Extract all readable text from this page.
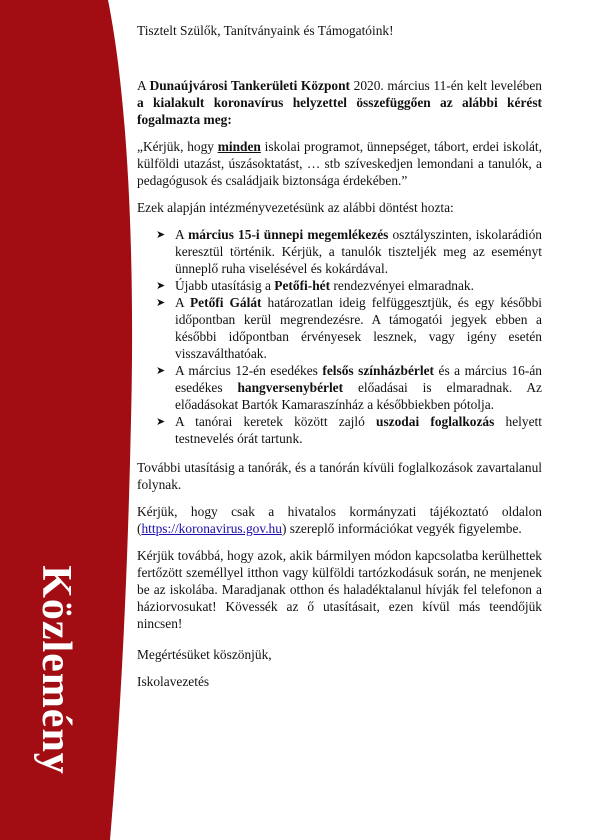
Közlemény
Tisztelt Szülők, Tanítványaink és Támogatóink!

A Dunaújvárosi Tankerületi Központ 2020. március 11-én kelt levelében a kialakult koronavírus helyzettel összefüggően az alábbi kérést fogalmazta meg:

„Kérjük, hogy minden iskolai programot, ünnepséget, tábort, erdei iskolát, külföldi utazást, úszásoktatást, … stb szíveskedjen lemondani a tanulók, a pedagógusok és családjaik biztonsága érdekében.”

Ezek alapján intézményvezetésünk az alábbi döntést hozta:

➤ A március 15-i ünnepi megemlékezés osztályszinten, iskolarádión keresztül történik. Kérjük, a tanulók tiszteljék meg az eseményt ünneplő ruha viselésével és kokárdával.
➤ Újabb utasításig a Petőfi-hét rendezvényei elmaradnak.
➤ A Petőfi Gálát határozatlan ideig felfüggesztjük, és egy későbbi időpontban kerül megrendezésre. A támogatói jegyek ebben a későbbi időpontban érvényesek lesznek, vagy igény esetén visszaválthatóak.
➤ A március 12-én esedékes felsős színházbérlet és a március 16-án esedékes hangversenybérlet előadásai is elmaradnak. Az előadásokat Bartók Kamaraszínház a későbbiekben pótolja.
➤ A tanórai keretek között zajló uszodai foglalkozás helyett testnevelés órát tartunk.

További utasításig a tanórák, és a tanórán kívüli foglalkozások zavartalanul folynak.

Kérjük, hogy csak a hivatalos kormányzati tájékoztató oldalon (https://koronavirus.gov.hu) szereplő információkat vegyék figyelembe.

Kérjük továbbá, hogy azok, akik bármilyen módon kapcsolatba kerülhettek fertőzött személlyel itthon vagy külföldi tartózkodásuk során, ne menjenek be az iskolába. Maradjanak otthon és haladéktalanul hívják fel telefonon a háziorvosukat! Kövessék az ő utasításait, ezen kívül más teendőjük nincsen!

Megértésüket köszönjük,

Iskolavezetés
